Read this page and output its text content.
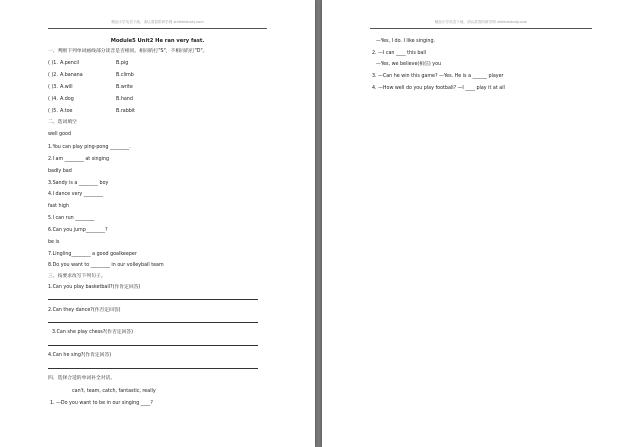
精品小学英语下载，请认准智阶研学网 zhiletestudy.com
Module5 Unit2 He ran very fast.
一、判断下列单词画线部分读音是否相同。相同的打"S"，不相同的打"D"。
( )1. A.pencil	B.pig
( )2. A.banana	B.climb
( )3. A.will	B.write
( )4. A.dog	B.hand
( )5. A.toe	B.rabbit
二、选词填空
well good
1.You can play ping-pong ________.
2.I am ________ at singing
badly bad
3.Sandy is a ________ boy
4.I dance very ________
fast high
5.I can run ________
6.Can you jump________?
be is
7.Lingling________ a good goalkeeper
8.Do you want to ________ in our volleyball team
三、按要求改写下列句子。
1.Can you play basketball?(作肯定回答)
2.Can they dance?(作否定回答)
3.Can she play chess?(作否定回答)
4.Can he sing?(作肯定回答)
四、选择合适的单词补全对话。
can't, team, catch, fantastic, really
1. —Do you want to be in our singing ____?
精品小学英语下载，请认准智阶研学网 zhiletestudy.com
—Yes, I do. I like singing.
2. —I can ____ this ball
—Yes, we believe(相信) you
3. —Can he win this game? —Yes. He is a ______ player
4. —How well do you play football? —I ____ play it at all
